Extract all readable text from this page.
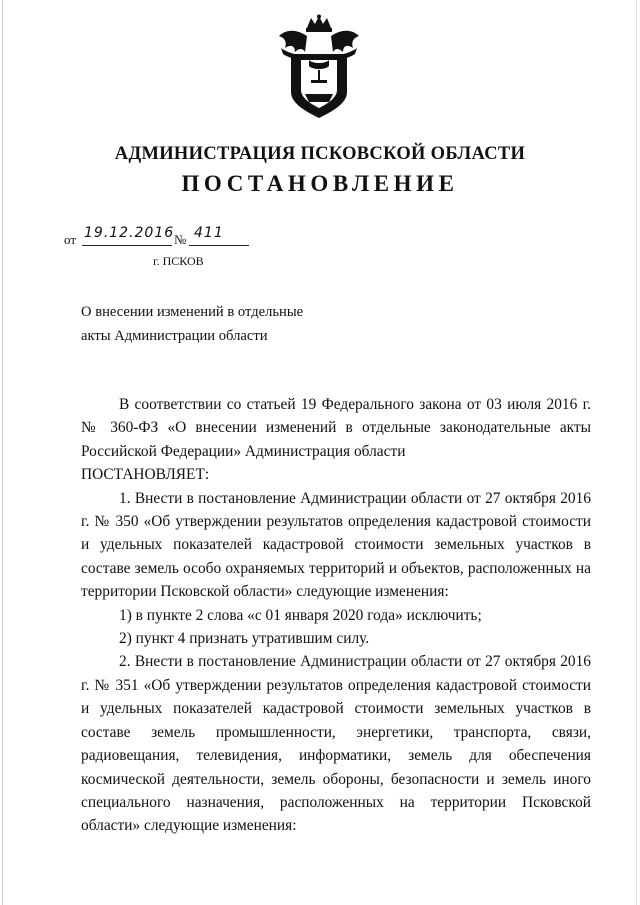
АДМИНИСТРАЦИЯ ПСКОВСКОЙ ОБЛАСТИ
ПОСТАНОВЛЕНИЕ
от 19.12.2016 № 411
г. ПСКОВ
О внесении изменений в отдельные
акты Администрации области

В соответствии со статьей 19 Федерального закона от 03 июля 2016 г. № 360-ФЗ «О внесении изменений в отдельные законодательные акты Российской Федерации» Администрация области

ПОСТАНОВЛЯЕТ:

1. Внести в постановление Администрации области от 27 октября 2016 г. № 350 «Об утверждении результатов определения кадастровой стоимости и удельных показателей кадастровой стоимости земельных участков в составе земель особо охраняемых территорий и объектов, расположенных на территории Псковской области» следующие изменения:

1) в пункте 2 слова «с 01 января 2020 года» исключить;

2) пункт 4 признать утратившим силу.

2. Внести в постановление Администрации области от 27 октября 2016 г. № 351 «Об утверждении результатов определения кадастровой стоимости и удельных показателей кадастровой стоимости земельных участков в составе земель промышленности, энергетики, транспорта, связи, радиовещания, телевидения, информатики, земель для обеспечения космической деятельности, земель обороны, безопасности и земель иного специального назначения, расположенных на территории Псковской области» следующие изменения:
